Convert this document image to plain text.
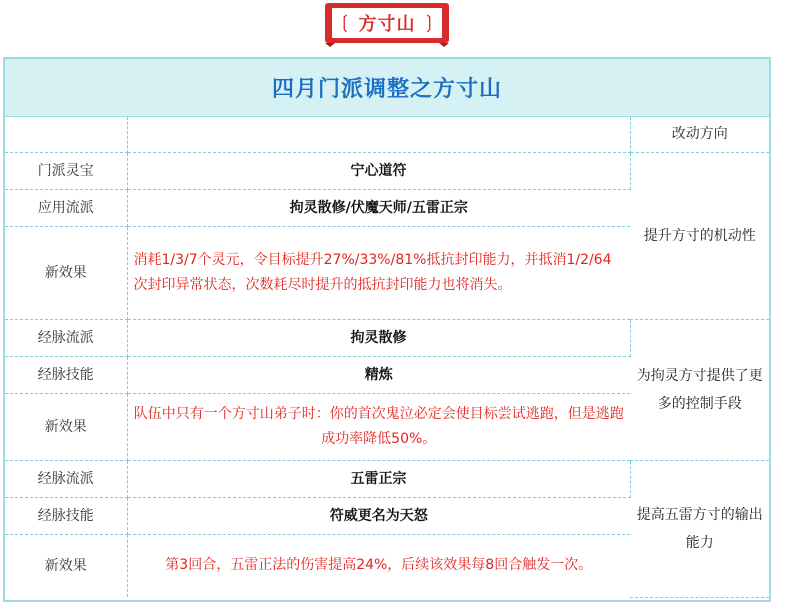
❲ 方寸山 ❳
四月门派调整之方寸山
		改动方向
门派灵宝	宁心道符	提升方寸的机动性
应用流派	拘灵散修/伏魔天师/五雷正宗	
新效果	消耗1/3/7个灵元，令目标提升27%/33%/81%抵抗封印能力，并抵消1/2/64次封印异常状态，次数耗尽时提升的抵抗封印能力也将消失。	
经脉流派	拘灵散修	为拘灵方寸提供了更多的控制手段
经脉技能	精炼	
新效果	队伍中只有一个方寸山弟子时：你的首次鬼泣必定会使目标尝试逃跑，但是逃跑成功率降低50%。	
经脉流派	五雷正宗	提高五雷方寸的输出能力
经脉技能	符威更名为天怒	
新效果	第3回合，五雷正法的伤害提高24%，后续该效果每8回合触发一次。	
